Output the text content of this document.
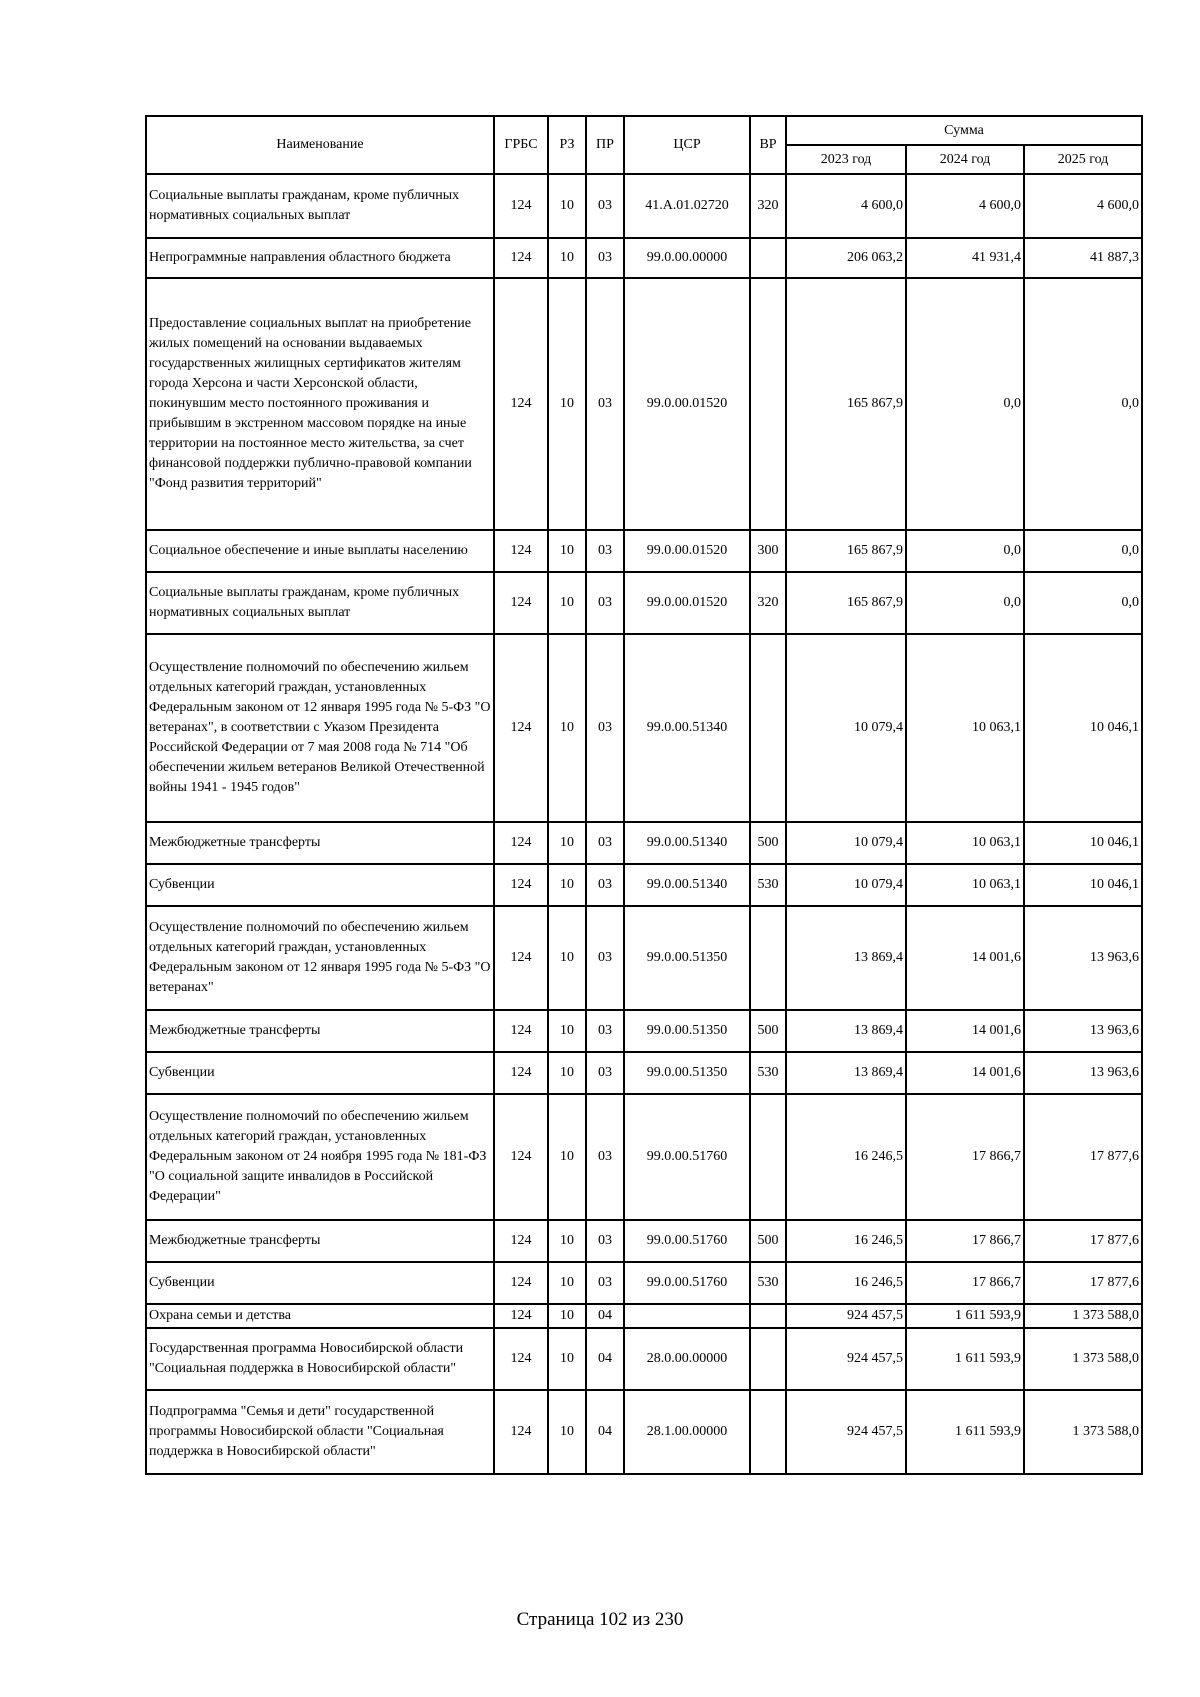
Наименование	ГРБС	РЗ	ПР	ЦСР	ВР	Сумма		
						2023 год	2024 год	2025 год
Социальные выплаты гражданам, кроме публичных нормативных социальных выплат	124	10	03	41.А.01.02720	320	4 600,0	4 600,0	4 600,0
Непрограммные направления областного бюджета	124	10	03	99.0.00.00000		206 063,2	41 931,4	41 887,3
Предоставление социальных выплат на приобретение жилых помещений на основании выдаваемых государственных жилищных сертификатов жителям города Херсона и части Херсонской области, покинувшим место постоянного проживания и прибывшим в экстренном массовом порядке на иные территории на постоянное место жительства, за счет финансовой поддержки публично-правовой компании "Фонд развития территорий"	124	10	03	99.0.00.01520		165 867,9	0,0	0,0
Социальное обеспечение и иные выплаты населению	124	10	03	99.0.00.01520	300	165 867,9	0,0	0,0
Социальные выплаты гражданам, кроме публичных нормативных социальных выплат	124	10	03	99.0.00.01520	320	165 867,9	0,0	0,0
Осуществление полномочий по обеспечению жильем отдельных категорий граждан, установленных Федеральным законом от 12 января 1995 года № 5-ФЗ "О ветеранах", в соответствии с Указом Президента Российской Федерации от 7 мая 2008 года № 714 "Об обеспечении жильем ветеранов Великой Отечественной войны 1941 - 1945 годов"	124	10	03	99.0.00.51340		10 079,4	10 063,1	10 046,1
Межбюджетные трансферты	124	10	03	99.0.00.51340	500	10 079,4	10 063,1	10 046,1
Субвенции	124	10	03	99.0.00.51340	530	10 079,4	10 063,1	10 046,1
Осуществление полномочий по обеспечению жильем отдельных категорий граждан, установленных Федеральным законом от 12 января 1995 года № 5-ФЗ "О ветеранах"	124	10	03	99.0.00.51350		13 869,4	14 001,6	13 963,6
Межбюджетные трансферты	124	10	03	99.0.00.51350	500	13 869,4	14 001,6	13 963,6
Субвенции	124	10	03	99.0.00.51350	530	13 869,4	14 001,6	13 963,6
Осуществление полномочий по обеспечению жильем отдельных категорий граждан, установленных Федеральным законом от 24 ноября 1995 года № 181-ФЗ "О социальной защите инвалидов в Российской Федерации"	124	10	03	99.0.00.51760		16 246,5	17 866,7	17 877,6
Межбюджетные трансферты	124	10	03	99.0.00.51760	500	16 246,5	17 866,7	17 877,6
Субвенции	124	10	03	99.0.00.51760	530	16 246,5	17 866,7	17 877,6
Охрана семьи и детства	124	10	04			924 457,5	1 611 593,9	1 373 588,0
Государственная программа Новосибирской области "Социальная поддержка в Новосибирской области"	124	10	04	28.0.00.00000		924 457,5	1 611 593,9	1 373 588,0
Подпрограмма "Семья и дети" государственной программы Новосибирской области "Социальная поддержка в Новосибирской области"	124	10	04	28.1.00.00000		924 457,5	1 611 593,9	1 373 588,0
Страница 102 из 230
